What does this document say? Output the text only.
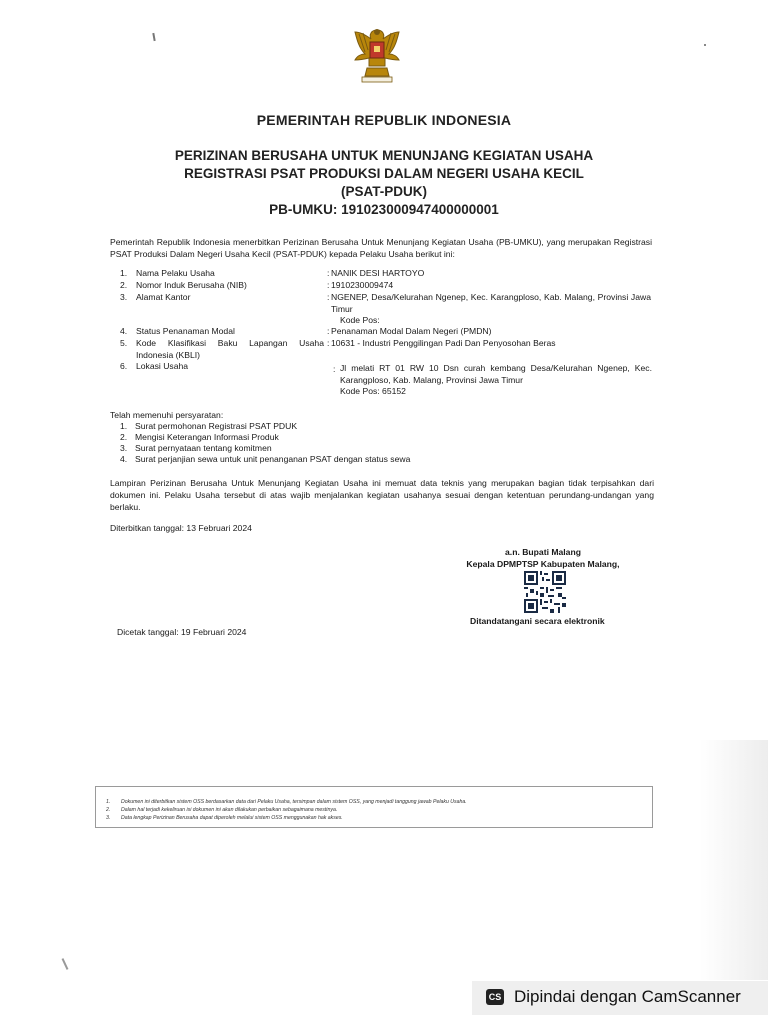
PEMERINTAH REPUBLIK INDONESIA
PERIZINAN BERUSAHA UNTUK MENUNJANG KEGIATAN USAHA
REGISTRASI PSAT PRODUKSI DALAM NEGERI USAHA KECIL
(PSAT-PDUK)
PB-UMKU: 191023000947400000001
Pemerintah Republik Indonesia menerbitkan Perizinan Berusaha Untuk Menunjang Kegiatan Usaha (PB-UMKU), yang merupakan Registrasi PSAT Produksi Dalam Negeri Usaha Kecil (PSAT-PDUK) kepada Pelaku Usaha berikut ini:
1. Nama Pelaku Usaha	: NANIK DESI HARTOYO
2. Nomor Induk Berusaha (NIB)	: 1910230009474
3. Alamat Kantor	: NGENEP, Desa/Kelurahan Ngenep, Kec. Karangploso, Kab. Malang, Provinsi Jawa Timur
Kode Pos:
4. Status Penanaman Modal	: Penanaman Modal Dalam Negeri (PMDN)
5. Kode Klasifikasi Baku Lapangan Usaha Indonesia (KBLI)
: 10631 - Industri Penggilingan Padi Dan Penyosohan Beras
6. Lokasi Usaha	: Jl melati RT 01 RW 10 Dsn curah kembang Desa/Kelurahan Ngenep, Kec. Karangploso, Kab. Malang, Provinsi Jawa Timur
Kode Pos: 65152
Telah memenuhi persyaratan:
1. Surat permohonan Registrasi PSAT PDUK
2. Mengisi Keterangan Informasi Produk
3. Surat pernyataan tentang komitmen
4. Surat perjanjian sewa untuk unit penanganan PSAT dengan status sewa
Lampiran Perizinan Berusaha Untuk Menunjang Kegiatan Usaha ini memuat data teknis yang merupakan bagian tidak terpisahkan dari dokumen ini. Pelaku Usaha tersebut di atas wajib menjalankan kegiatan usahanya sesuai dengan ketentuan perundang-undangan yang berlaku.
Diterbitkan tanggal: 13 Februari 2024
a.n. Bupati Malang
Kepala DPMPTSP Kabupaten Malang,
Ditandatangani secara elektronik
Dicetak tanggal: 19 Februari 2024
1. Dokumen ini diterbitkan sistem OSS berdasarkan data dari Pelaku Usaha, tersimpan dalam sistem OSS, yang menjadi tanggung jawab Pelaku Usaha.
2. Dalam hal terjadi kekeliruan isi dokumen ini akan dilakukan perbaikan sebagaimana mestinya.
3. Data lengkap Perizinan Berusaha dapat diperoleh melalui sistem OSS menggunakan hak akses.
CS Dipindai dengan CamScanner
